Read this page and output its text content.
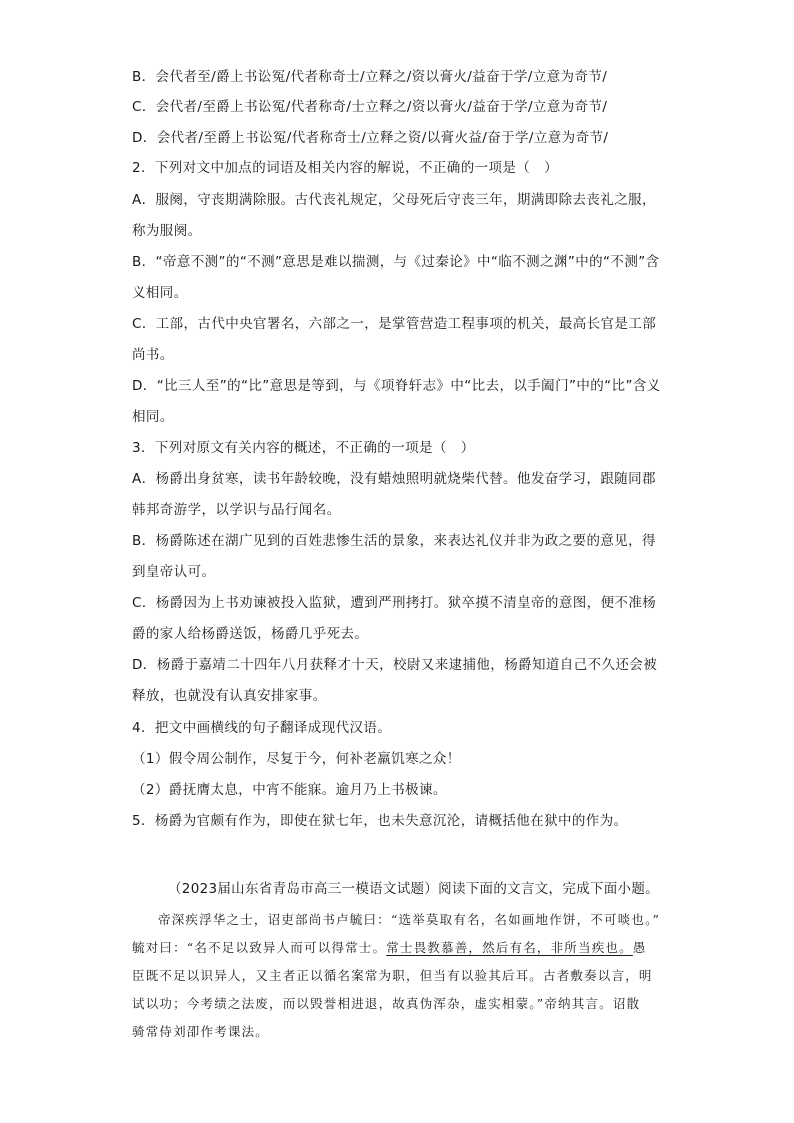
B．会代者至/爵上书讼冤/代者称奇士/立释之/资以膏火/益奋于学/立意为奇节/
C．会代者/至爵上书讼冤/代者称奇/士立释之/资以膏火/益奋于学/立意为奇节/
D．会代者/至爵上书讼冤/代者称奇士/立释之资/以膏火益/奋于学/立意为奇节/
2．下列对文中加点的词语及相关内容的解说，不正确的一项是（　）
A．服阕，守丧期满除服。古代丧礼规定，父母死后守丧三年，期满即除去丧礼之服，
称为服阕。
B．“帝意不测”的“不测”意思是难以揣测，与《过秦论》中“临不测之渊”中的“不测”含
义相同。
C．工部，古代中央官署名，六部之一，是掌管营造工程事项的机关，最高长官是工部
尚书。
D．“比三人至”的“比”意思是等到，与《项脊轩志》中“比去，以手阖门”中的“比”含义
相同。
3．下列对原文有关内容的概述，不正确的一项是（　）
A．杨爵出身贫寒，读书年龄较晚，没有蜡烛照明就烧柴代替。他发奋学习，跟随同郡
韩邦奇游学，以学识与品行闻名。
B．杨爵陈述在湖广见到的百姓悲惨生活的景象，来表达礼仪并非为政之要的意见，得
到皇帝认可。
C．杨爵因为上书劝谏被投入监狱，遭到严刑拷打。狱卒摸不清皇帝的意图，便不准杨
爵的家人给杨爵送饭，杨爵几乎死去。
D．杨爵于嘉靖二十四年八月获释才十天，校尉又来逮捕他，杨爵知道自己不久还会被
释放，也就没有认真安排家事。
4．把文中画横线的句子翻译成现代汉语。
（1）假令周公制作，尽复于今，何补老羸饥寒之众！
（2）爵抚膺太息，中宵不能寐。逾月乃上书极谏。
5．杨爵为官颇有作为，即使在狱七年，也未失意沉沦，请概括他在狱中的作为。
（2023届山东省青岛市高三一模语文试题）阅读下面的文言文，完成下面小题。
帝深疾浮华之士，诏吏部尚书卢毓曰：“选举莫取有名，名如画地作饼，不可啖也。”
毓对曰：“名不足以致异人而可以得常士。常士畏教慕善，然后有名，非所当疾也。愚
臣既不足以识异人，又主者正以循名案常为职，但当有以验其后耳。古者敷奏以言，明
试以功；今考绩之法废，而以毁誉相进退，故真伪浑杂，虚实相蒙。”帝纳其言。诏散
骑常侍刘卲作考课法。
